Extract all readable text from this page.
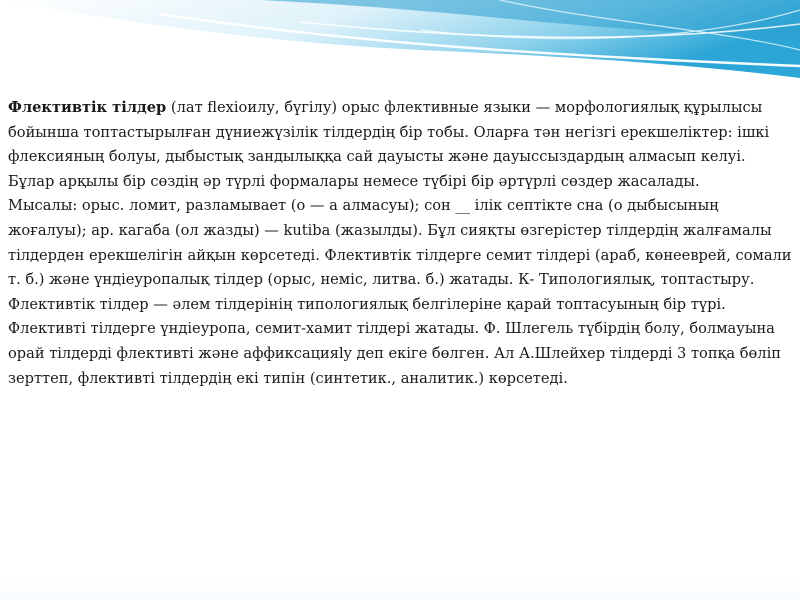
Флективтік тілдер (лат flexioилу, бүгілу) орыс флективные языки — морфологиялық құрылысы бойынша топтастырылған дүниежүзілік тілдердің бір тобы. Оларға тән негізгі ерекшеліктер: ішкі флексияның болуы, дыбыстық зандылыққа сай дауысты және дауыссыздардың алмасып келуі. Бұлар арқылы бір сөздің әр түрлі формалары немесе түбірі бір әртүрлі сөздер жасалады.

Мысалы: орыс. ломит, разламывает (о — а алмасуы); сон __ ілік септікте сна (о дыбысының жоғалуы); ар. кагаба (ол жазды) — kutiba (жазылды). Бұл сияқты өзгерістер тілдердің жалғамалы тілдерден ерекшелігін айқын көрсетеді. Флективтік тілдерге семит тілдері (араб, көнееврей, сомали т. б.) және үндіеуропалық тілдер (орыс, неміс, литва. б.) жатады. К- Типологиялық, топтастыру.

Флективтік тілдер — әлем тілдерінің типологиялық белгілеріне қарай топтасуының бір түрі. Флективті тілдерге үндіеуропа, семит-хамит тілдері жатады. Ф. Шлегель түбірдің болу, болмауына орай тілдерді флективті және аффиксацияly деп екіге бөлген. Ал А.Шлейхер тілдерді 3 топқа бөліп зерттеп, флективті тілдердің екі типін (синтетик., аналитик.) көрсетеді.
